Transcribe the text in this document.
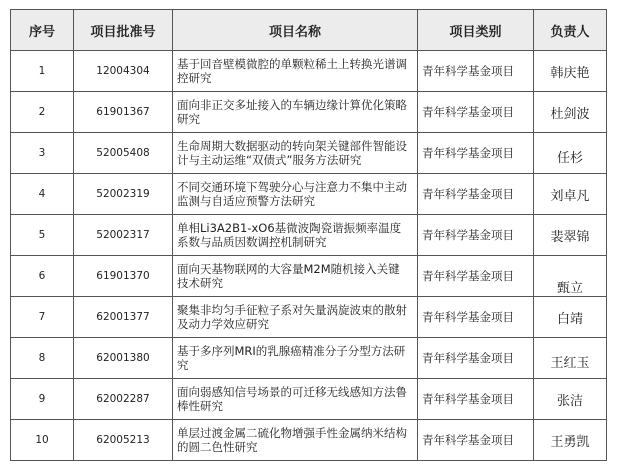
序号	项目批准号	项目名称	项目类别	负责人
1	12004304	基于回音壁模微腔的单颗粒稀土上转换光谱调控研究	青年科学基金项目	韩庆艳
2	61901367	面向非正交多址接入的车辆边缘计算优化策略研究	青年科学基金项目	杜剑波
3	52005408	生命周期大数据驱动的转向架关键部件智能设计与主动运维“双债式”服务方法研究	青年科学基金项目	任杉
4	52002319	不同交通环境下驾驶分心与注意力不集中主动监测与自适应预警方法研究	青年科学基金项目	刘卓凡
5	52002317	单相Li3A2B1-xO6基微波陶瓷谐振频率温度系数与品质因数调控机制研究	青年科学基金项目	裴翠锦
6	61901370	面向天基物联网的大容量M2M随机接入关键技术研究	青年科学基金项目	甄立
7	62001377	聚集非均匀手征粒子系对矢量涡旋波束的散射及动力学效应研究	青年科学基金项目	白靖
8	62001380	基于多序列MRI的乳腺癌精准分子分型方法研究	青年科学基金项目	王红玉
9	62002287	面向弱感知信号场景的可迁移无线感知方法鲁棒性研究	青年科学基金项目	张洁
10	62005213	单层过渡金属二硫化物增强手性金属纳米结构的圆二色性研究	青年科学基金项目	王勇凯
